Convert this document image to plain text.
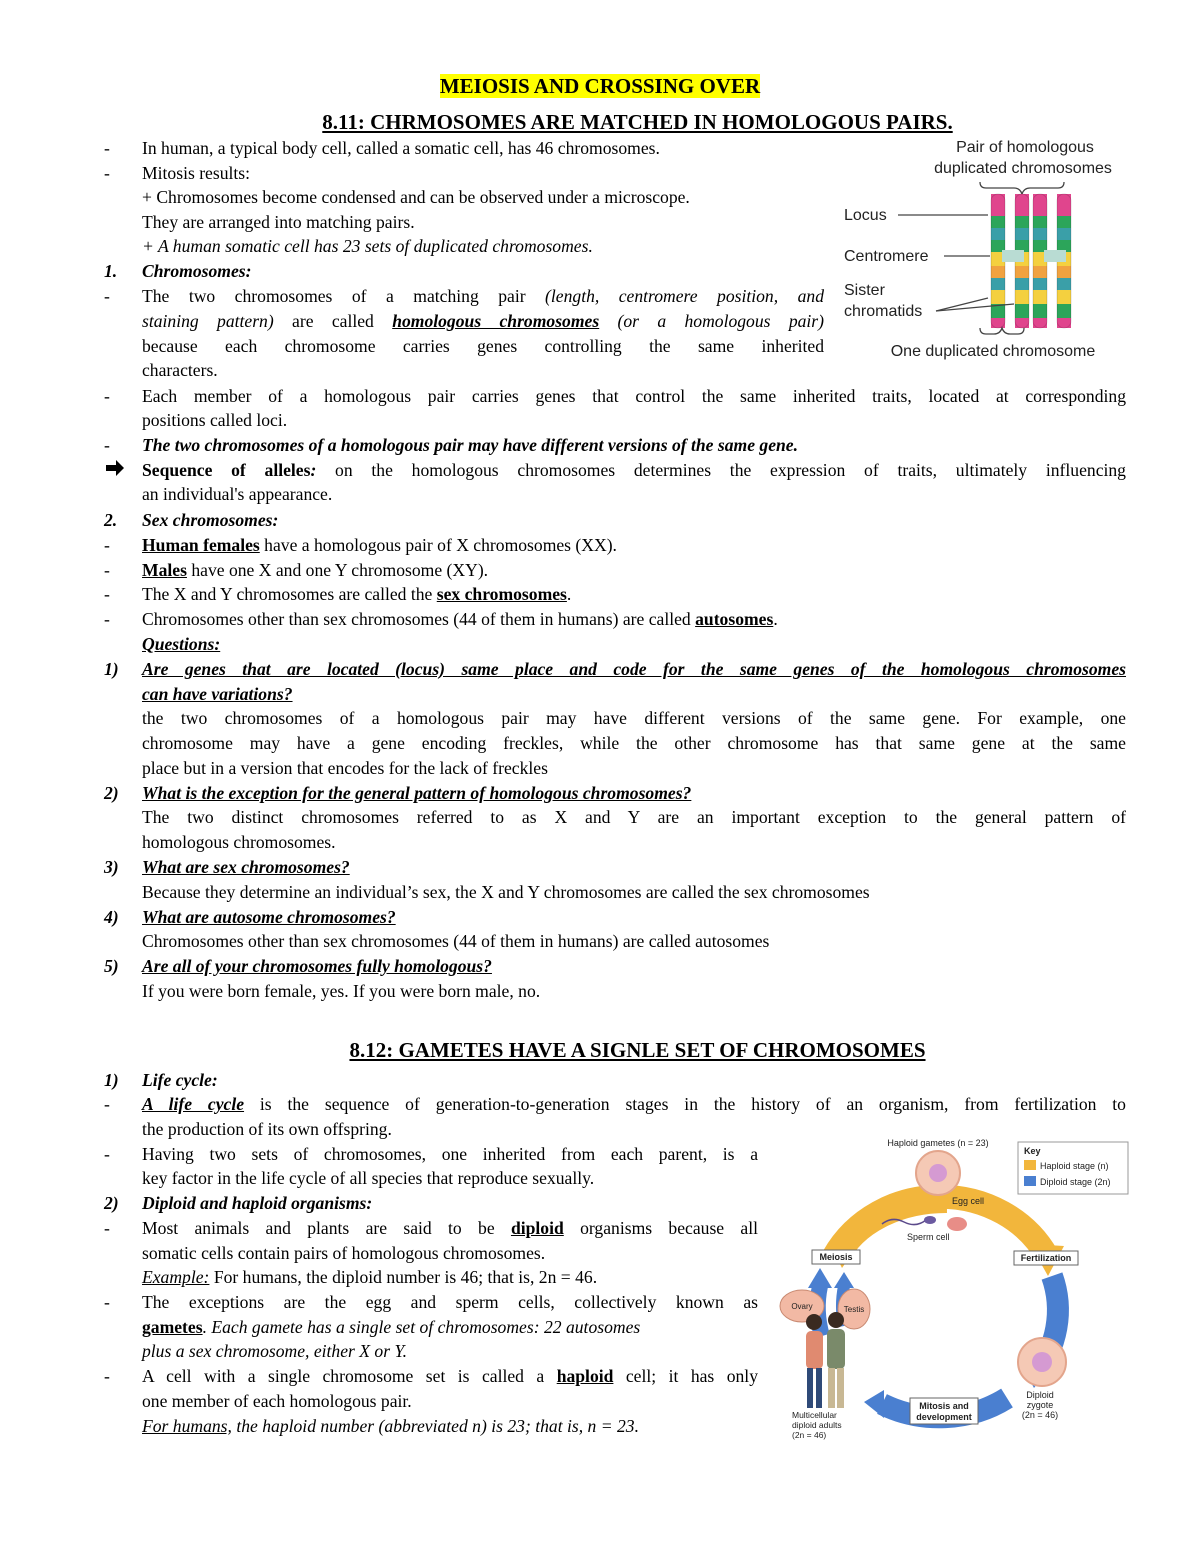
MEIOSIS AND CROSSING OVER
8.11: CHRMOSOMES ARE MATCHED IN HOMOLOGOUS PAIRS.
- In human, a typical body cell, called a somatic cell, has 46 chromosomes.
- Mitosis results:
+ Chromosomes become condensed and can be observed under a microscope.
They are arranged into matching pairs.
+ A human somatic cell has 23 sets of duplicated chromosomes.
1. Chromosomes:
- The two chromosomes of a matching pair (length, centromere position, and
staining pattern) are called homologous chromosomes (or a homologous pair)
because each chromosome carries genes controlling the same inherited
characters.
- Each member of a homologous pair carries genes that control the same inherited traits, located at corresponding
positions called loci.
- The two chromosomes of a homologous pair may have different versions of the same gene.
Sequence of alleles: on the homologous chromosomes determines the expression of traits, ultimately influencing
an individual's appearance.
2. Sex chromosomes:
- Human females have a homologous pair of X chromosomes (XX).
- Males have one X and one Y chromosome (XY).
- The X and Y chromosomes are called the sex chromosomes.
- Chromosomes other than sex chromosomes (44 of them in humans) are called autosomes.
Questions:
1) Are genes that are located (locus) same place and code for the same genes of the homologous chromosomes
can have variations?
the two chromosomes of a homologous pair may have different versions of the same gene. For example, one
chromosome may have a gene encoding freckles, while the other chromosome has that same gene at the same
place but in a version that encodes for the lack of freckles
2) What is the exception for the general pattern of homologous chromosomes?
The two distinct chromosomes referred to as X and Y are an important exception to the general pattern of
homologous chromosomes.
3) What are sex chromosomes?
Because they determine an individual’s sex, the X and Y chromosomes are called the sex chromosomes
4) What are autosome chromosomes?
Chromosomes other than sex chromosomes (44 of them in humans) are called autosomes
5) Are all of your chromosomes fully homologous?
If you were born female, yes. If you were born male, no.
Pair of homologous
duplicated chromosomes
Locus
Centromere
Sister
chromatids
One duplicated chromosome
8.12: GAMETES HAVE A SIGNLE SET OF CHROMOSOMES
1) Life cycle:
- A life cycle is the sequence of generation-to-generation stages in the history of an organism, from fertilization to
the production of its own offspring.
- Having two sets of chromosomes, one inherited from each parent, is a
key factor in the life cycle of all species that reproduce sexually.
2) Diploid and haploid organisms:
- Most animals and plants are said to be diploid organisms because all
somatic cells contain pairs of homologous chromosomes.
Example: For humans, the diploid number is 46; that is, 2n = 46.
- The exceptions are the egg and sperm cells, collectively known as
gametes. Each gamete has a single set of chromosomes: 22 autosomes
plus a sex chromosome, either X or Y.
- A cell with a single chromosome set is called a haploid cell; it has only
one member of each homologous pair.
For humans, the haploid number (abbreviated n) is 23; that is, n = 23.
Haploid gametes (n = 23)
Key
Haploid stage (n)
Diploid stage (2n)
Egg cell
Sperm cell
Meiosis	Fertilization
Ovary	Testis
Diploid
zygote
(2n = 46)
Mitosis and
development
Multicellular
diploid adults
(2n = 46)
